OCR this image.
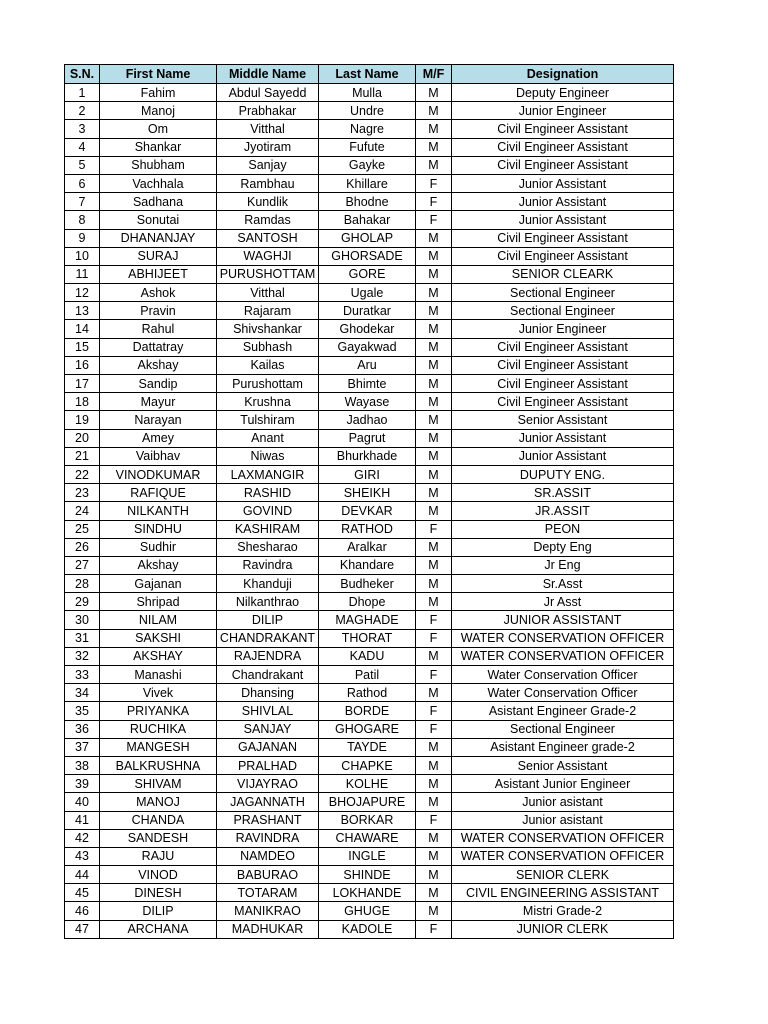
S.N.	First Name	Middle Name	Last Name	M/F	Designation
1	Fahim	Abdul Sayedd	Mulla	M	Deputy Engineer
2	Manoj	Prabhakar	Undre	M	Junior Engineer
3	Om	Vitthal	Nagre	M	Civil Engineer Assistant
4	Shankar	Jyotiram	Fufute	M	Civil Engineer Assistant
5	Shubham	Sanjay	Gayke	M	Civil Engineer Assistant
6	Vachhala	Rambhau	Khillare	F	Junior Assistant
7	Sadhana	Kundlik	Bhodne	F	Junior Assistant
8	Sonutai	Ramdas	Bahakar	F	Junior Assistant
9	DHANANJAY	SANTOSH	GHOLAP	M	Civil Engineer Assistant
10	SURAJ	WAGHJI	GHORSADE	M	Civil Engineer Assistant
11	ABHIJEET	PURUSHOTTAM	GORE	M	SENIOR CLEARK
12	Ashok	Vitthal	Ugale	M	Sectional Engineer
13	Pravin	Rajaram	Duratkar	M	Sectional Engineer
14	Rahul	Shivshankar	Ghodekar	M	Junior Engineer
15	Dattatray	Subhash	Gayakwad	M	Civil Engineer Assistant
16	Akshay	Kailas	Aru	M	Civil Engineer Assistant
17	Sandip	Purushottam	Bhimte	M	Civil Engineer Assistant
18	Mayur	Krushna	Wayase	M	Civil Engineer Assistant
19	Narayan	Tulshiram	Jadhao	M	Senior Assistant
20	Amey	Anant	Pagrut	M	Junior Assistant
21	Vaibhav	Niwas	Bhurkhade	M	Junior Assistant
22	VINODKUMAR	LAXMANGIR	GIRI	M	DUPUTY ENG.
23	RAFIQUE	RASHID	SHEIKH	M	SR.ASSIT
24	NILKANTH	GOVIND	DEVKAR	M	JR.ASSIT
25	SINDHU	KASHIRAM	RATHOD	F	PEON
26	Sudhir	Shesharao	Aralkar	M	Depty Eng
27	Akshay	Ravindra	Khandare	M	Jr Eng
28	Gajanan	Khanduji	Budheker	M	Sr.Asst
29	Shripad	Nilkanthrao	Dhope	M	Jr Asst
30	NILAM	DILIP	MAGHADE	F	JUNIOR ASSISTANT
31	SAKSHI	CHANDRAKANT	THORAT	F	WATER CONSERVATION OFFICER
32	AKSHAY	RAJENDRA	KADU	M	WATER CONSERVATION OFFICER
33	Manashi	Chandrakant	Patil	F	Water Conservation Officer
34	Vivek	Dhansing	Rathod	M	Water Conservation Officer
35	PRIYANKA	SHIVLAL	BORDE	F	Asistant Engineer Grade-2
36	RUCHIKA	SANJAY	GHOGARE	F	Sectional Engineer
37	MANGESH	GAJANAN	TAYDE	M	Asistant Engineer grade-2
38	BALKRUSHNA	PRALHAD	CHAPKE	M	Senior Assistant
39	SHIVAM	VIJAYRAO	KOLHE	M	Asistant Junior Engineer
40	MANOJ	JAGANNATH	BHOJAPURE	M	Junior asistant
41	CHANDA	PRASHANT	BORKAR	F	Junior asistant
42	SANDESH	RAVINDRA	CHAWARE	M	WATER CONSERVATION OFFICER
43	RAJU	NAMDEO	INGLE	M	WATER CONSERVATION OFFICER
44	VINOD	BABURAO	SHINDE	M	SENIOR CLERK
45	DINESH	TOTARAM	LOKHANDE	M	CIVIL ENGINEERING ASSISTANT
46	DILIP	MANIKRAO	GHUGE	M	Mistri Grade-2
47	ARCHANA	MADHUKAR	KADOLE	F	JUNIOR CLERK
